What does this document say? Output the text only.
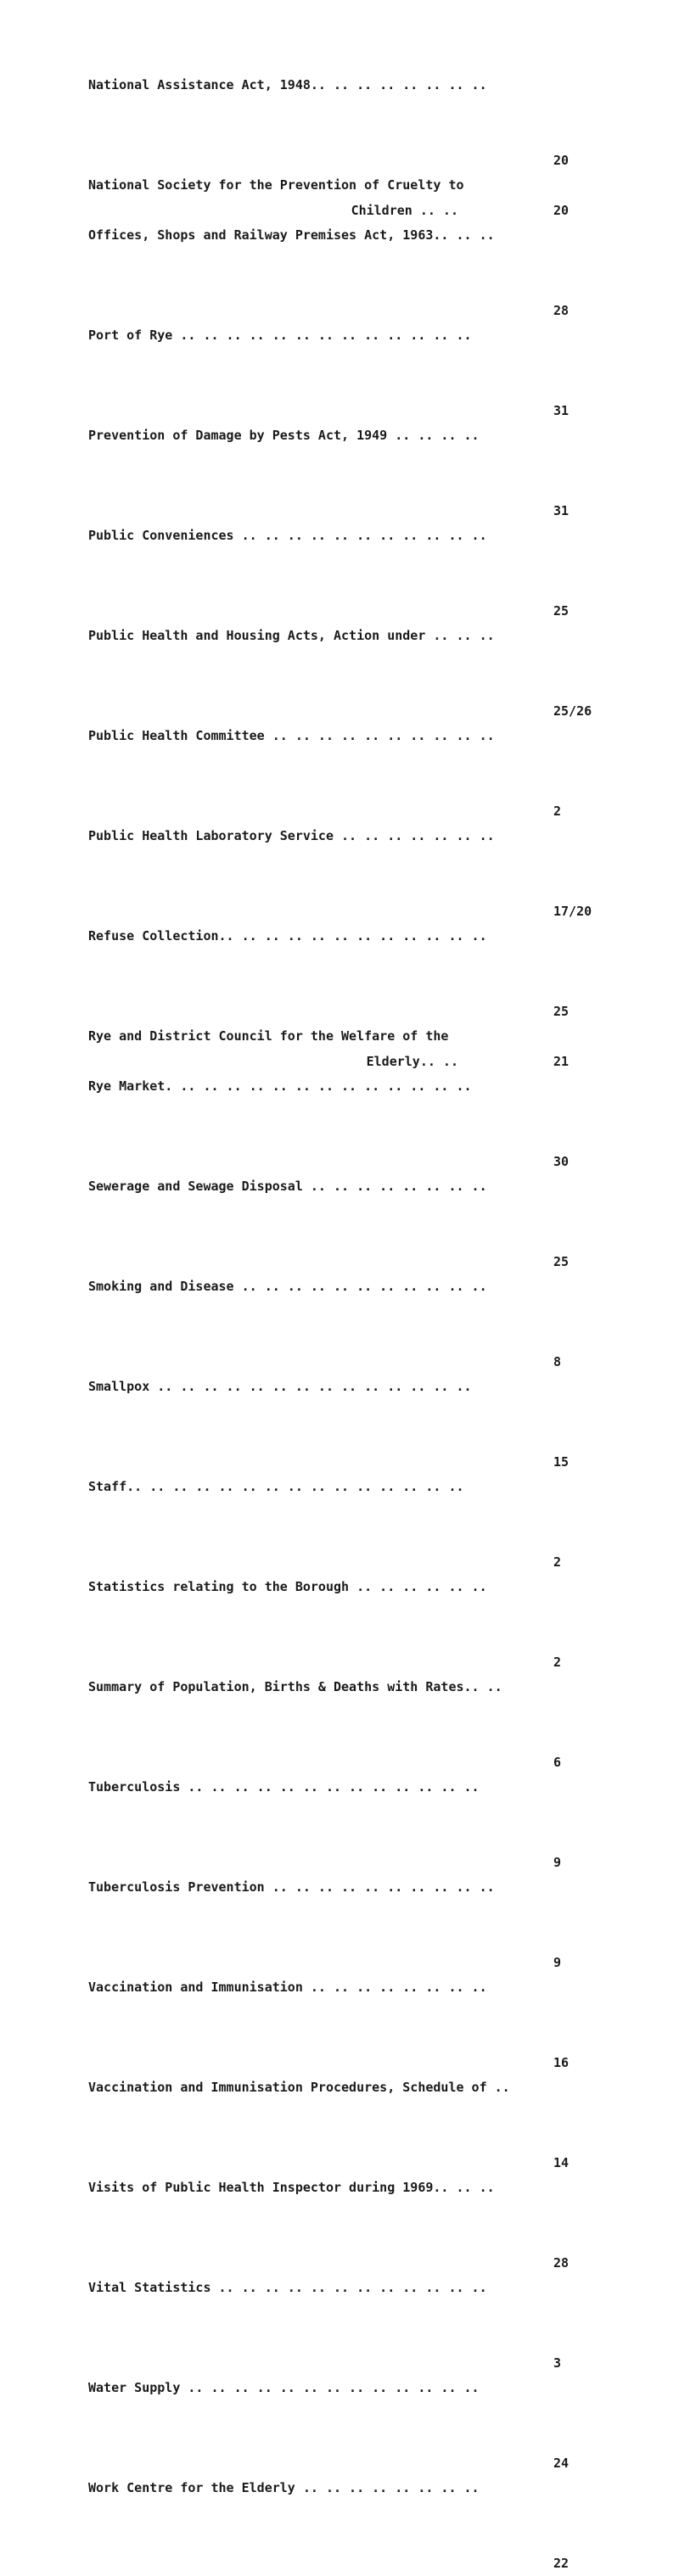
National Assistance Act, 1948.. .. .. .. .. .. .. ..

20

National Society for the Prevention of Cruelty to

Children .. ..

	20

Offices, Shops and Railway Premises Act, 1963.. .. ..

28

Port of Rye .. .. .. .. .. .. .. .. .. .. .. .. ..

31

Prevention of Damage by Pests Act, 1949 .. .. .. ..

31

Public Conveniences .. .. .. .. .. .. .. .. .. .. ..

25

Public Health and Housing Acts, Action under .. .. ..

25/26

Public Health Committee .. .. .. .. .. .. .. .. .. ..

2

Public Health Laboratory Service .. .. .. .. .. .. ..

17/20

Refuse Collection.. .. .. .. .. .. .. .. .. .. .. ..

25

Rye and District Council for the Welfare of the

Elderly.. ..

	21

Rye Market. .. .. .. .. .. .. .. .. .. .. .. .. ..

30

Sewerage and Sewage Disposal .. .. .. .. .. .. .. ..

25

Smoking and Disease .. .. .. .. .. .. .. .. .. .. ..

8

Smallpox .. .. .. .. .. .. .. .. .. .. .. .. .. ..

15

Staff.. .. .. .. .. .. .. .. .. .. .. .. .. .. ..

2

Statistics relating to the Borough .. .. .. .. .. ..

2

Summary of Population, Births & Deaths with Rates.. ..

6

Tuberculosis .. .. .. .. .. .. .. .. .. .. .. .. ..

9

Tuberculosis Prevention .. .. .. .. .. .. .. .. .. ..

9

Vaccination and Immunisation .. .. .. .. .. .. .. ..

16

Vaccination and Immunisation Procedures, Schedule of ..

14

Visits of Public Health Inspector during 1969.. .. ..

28

Vital Statistics .. .. .. .. .. .. .. .. .. .. .. ..

3

Water Supply .. .. .. .. .. .. .. .. .. .. .. .. ..

24

Work Centre for the Elderly .. .. .. .. .. .. .. ..

22
